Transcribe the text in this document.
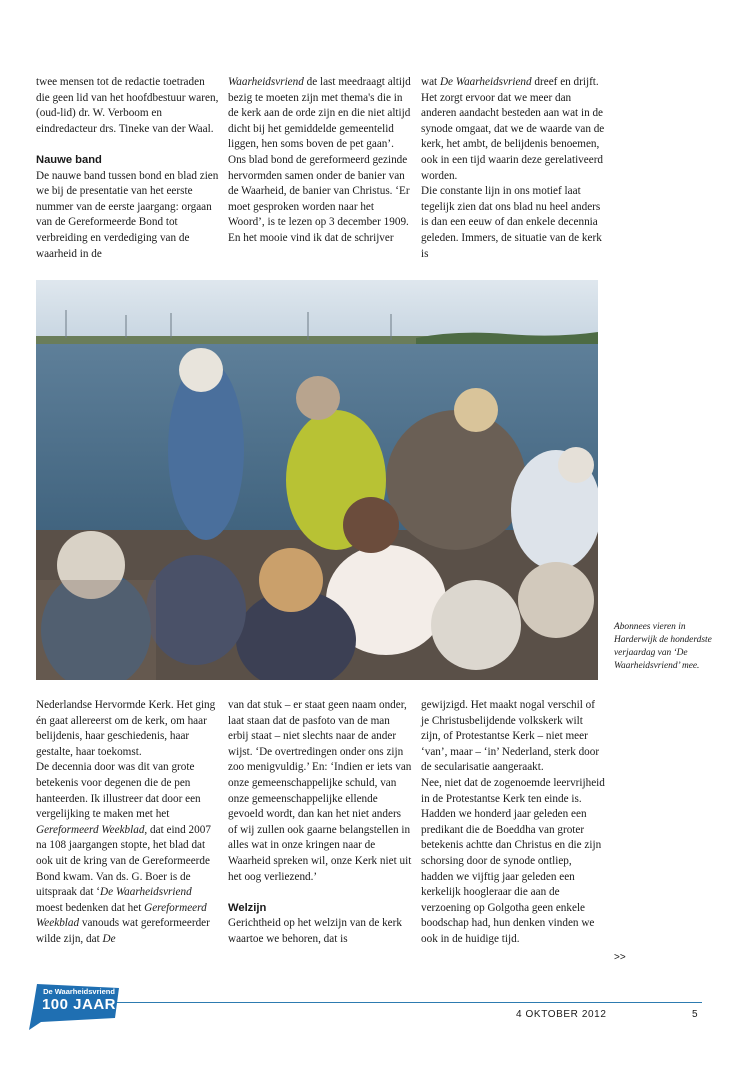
twee mensen tot de redactie toetraden die geen lid van het hoofdbestuur waren, (oud-lid) dr. W. Verboom en eindredacteur drs. Tineke van der Waal.

Nauwe band

De nauwe band tussen bond en blad zien we bij de presentatie van het eerste nummer van de eerste jaargang: orgaan van de Gereformeerde Bond tot verbreiding en verdediging van de waarheid in de

Waarheidsvriend de last meedraagt altijd bezig te moeten zijn met thema's die in de kerk aan de orde zijn en die niet altijd dicht bij het gemiddelde gemeentelid liggen, hen soms boven de pet gaan’.

Ons blad bond de gereformeerd gezinde hervormden samen onder de banier van de Waarheid, de banier van Christus. ‘Er moet gesproken worden naar het Woord’, is te lezen op 3 december 1909. En het mooie vind ik dat de schrijver

wat De Waarheidsvriend dreef en drijft. Het zorgt ervoor dat we meer dan anderen aandacht besteden aan wat in de synode omgaat, dat we de waarde van de kerk, het ambt, de belijdenis benoemen, ook in een tijd waarin deze gerelativeerd worden.

Die constante lijn in ons motief laat tegelijk zien dat ons blad nu heel anders is dan een eeuw of dan enkele decennia geleden. Immers, de situatie van de kerk is

Abonnees vieren in Harderwijk de honderdste verjaardag van ‘De Waarheidsvriend’ mee.

Nederlandse Hervormde Kerk. Het ging én gaat allereerst om de kerk, om haar belijdenis, haar geschiedenis, haar gestalte, haar toekomst.

De decennia door was dit van grote betekenis voor degenen die de pen hanteerden. Ik illustreer dat door een vergelijking te maken met het Gereformeerd Weekblad, dat eind 2007 na 108 jaargangen stopte, het blad dat ook uit de kring van de Gereformeerde Bond kwam. Van ds. G. Boer is de uitspraak dat ‘De Waarheidsvriend moest bedenken dat het Gereformeerd Weekblad vanouds wat gereformeerder wilde zijn, dat De

van dat stuk – er staat geen naam onder, laat staan dat de pasfoto van de man erbij staat – niet slechts naar de ander wijst. ‘De overtredingen onder ons zijn zoo menigvuldig.’ En: ‘Indien er iets van onze gemeenschappelijke schuld, van onze gemeenschappelijke ellende gevoeld wordt, dan kan het niet anders of wij zullen ook gaarne belangstellen in alles wat in onze kringen naar de Waarheid spreken wil, onze Kerk niet uit het oog verliezend.’

Welzijn

Gerichtheid op het welzijn van de kerk waartoe we behoren, dat is

gewijzigd. Het maakt nogal verschil of je Christusbelijdende volkskerk wilt zijn, of Protestantse Kerk – niet meer ‘van’, maar – ‘in’ Nederland, sterk door de secularisatie aangeraakt.

Nee, niet dat de zogenoemde leervrijheid in de Protestantse Kerk ten einde is. Hadden we honderd jaar geleden een predikant die de Boeddha van groter betekenis achtte dan Christus en die zijn schorsing door de synode ontliep, hadden we vijftig jaar geleden een kerkelijk hoogleraar die aan de verzoening op Golgotha geen enkele boodschap had, hun denken vinden we ook in de huidige tijd.

>>
De Waarheidsvriend
100 JAAR
4 OKTOBER 2012	5
